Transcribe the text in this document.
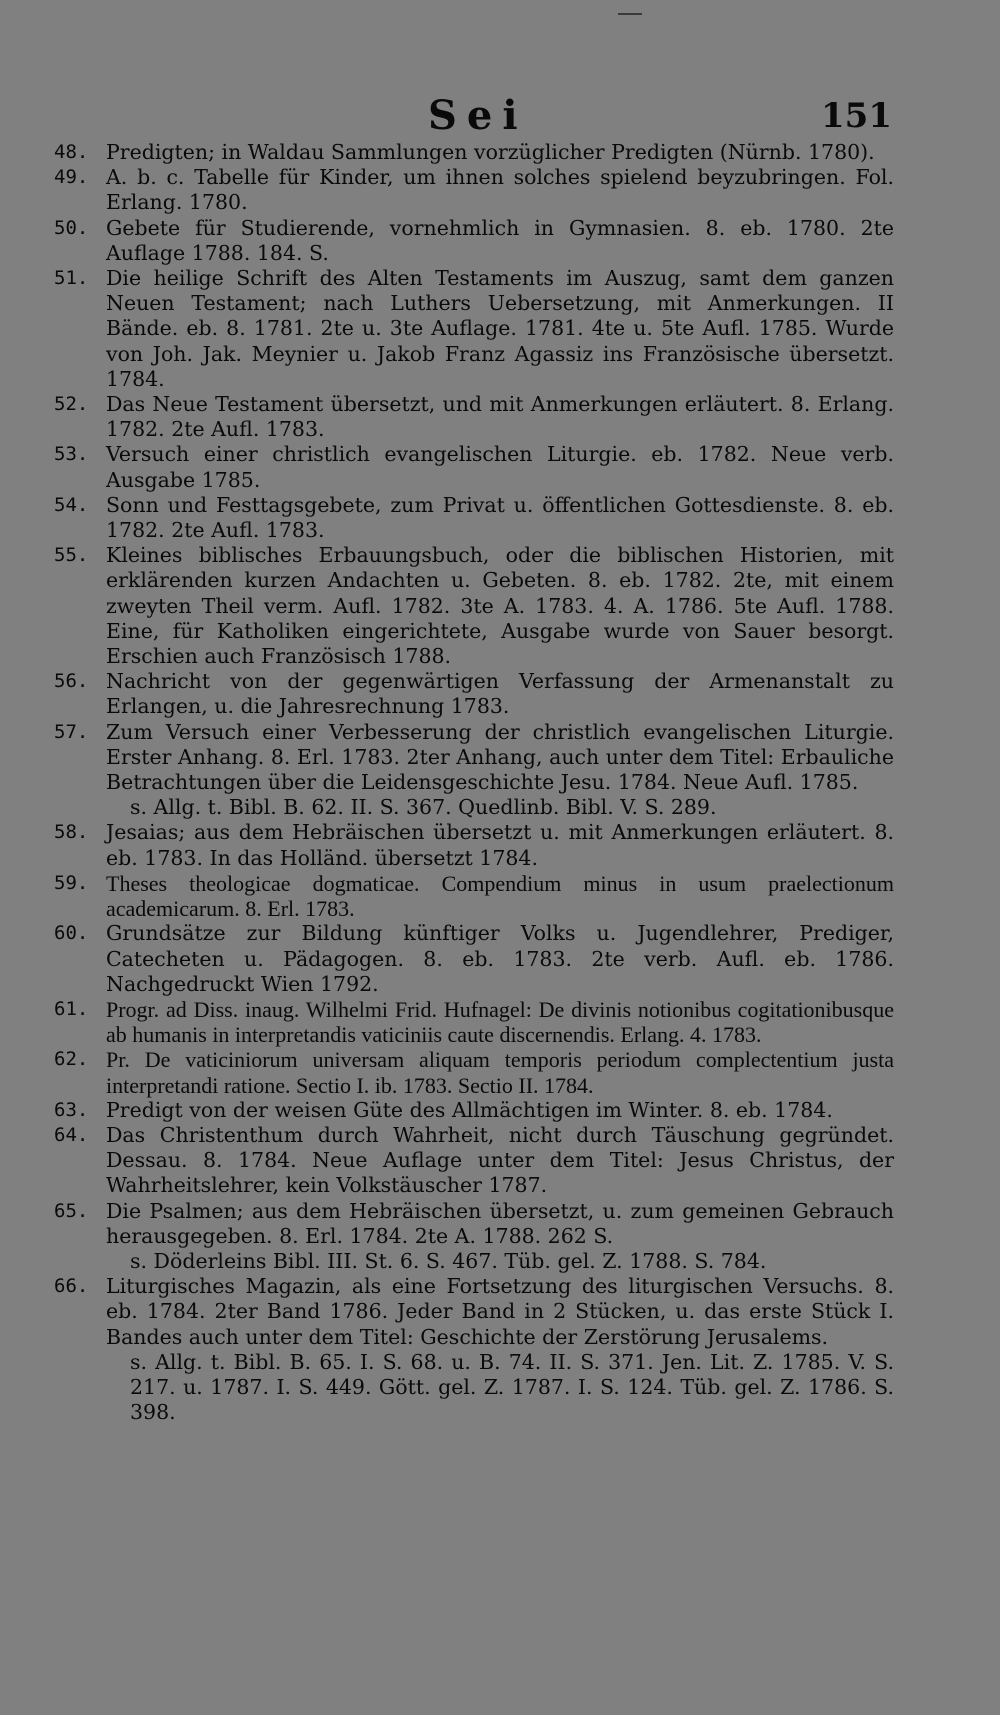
Sei	151
48. Predigten; in Waldau Sammlungen vorzüglicher Predigten (Nürnb. 1780).
49. A. b. c. Tabelle für Kinder, um ihnen solches spielend beyzubringen. Fol. Erlang. 1780.
50. Gebete für Studierende, vornehmlich in Gymnasien. 8. eb. 1780. 2te Auflage 1788. 184. S.
51. Die heilige Schrift des Alten Testaments im Auszug, samt dem ganzen Neuen Testament; nach Luthers Uebersetzung, mit Anmerkungen. II Bände. eb. 8. 1781. 2te u. 3te Auflage. 1781. 4te u. 5te Aufl. 1785. Wurde von Joh. Jak. Meynier u. Jakob Franz Agassiz ins Französische übersetzt. 1784.
52. Das Neue Testament übersetzt, und mit Anmerkungen erläutert. 8. Erlang. 1782. 2te Aufl. 1783.
53. Versuch einer christlich evangelischen Liturgie. eb. 1782. Neue verb. Ausgabe 1785.
54. Sonn und Festtagsgebete, zum Privat u. öffentlichen Gottesdienste. 8. eb. 1782. 2te Aufl. 1783.
55. Kleines biblisches Erbauungsbuch, oder die biblischen Historien, mit erklärenden kurzen Andachten u. Gebeten. 8. eb. 1782. 2te, mit einem zweyten Theil verm. Aufl. 1782. 3te A. 1783. 4. A. 1786. 5te Aufl. 1788. Eine, für Katholiken eingerichtete, Ausgabe wurde von Sauer besorgt. Erschien auch Französisch 1788.
56. Nachricht von der gegenwärtigen Verfassung der Armenanstalt zu Erlangen, u. die Jahresrechnung 1783.
57. Zum Versuch einer Verbesserung der christlich evangelischen Liturgie. Erster Anhang. 8. Erl. 1783. 2ter Anhang, auch unter dem Titel: Erbauliche Betrachtungen über die Leidensgeschichte Jesu. 1784. Neue Aufl. 1785.
s. Allg. t. Bibl. B. 62. II. S. 367. Quedlinb. Bibl. V. S. 289.
58. Jesaias; aus dem Hebräischen übersetzt u. mit Anmerkungen erläutert. 8. eb. 1783. In das Holländ. übersetzt 1784.
59. Theses theologicae dogmaticae. Compendium minus in usum praelectionum academicarum. 8. Erl. 1783.
60. Grundsätze zur Bildung künftiger Volks u. Jugendlehrer, Prediger, Catecheten u. Pädagogen. 8. eb. 1783. 2te verb. Aufl. eb. 1786. Nachgedruckt Wien 1792.
61. Progr. ad Diss. inaug. Wilhelmi Frid. Hufnagel: De divinis notionibus cogitationibusque ab humanis in interpretandis vaticiniis caute discernendis. Erlang. 4. 1783.
62. Pr. De vaticiniorum universam aliquam temporis periodum complectentium justa interpretandi ratione. Sectio I. ib. 1783. Sectio II. 1784.
63. Predigt von der weisen Güte des Allmächtigen im Winter. 8. eb. 1784.
64. Das Christenthum durch Wahrheit, nicht durch Täuschung gegründet. Dessau. 8. 1784. Neue Auflage unter dem Titel: Jesus Christus, der Wahrheitslehrer, kein Volkstäuscher 1787.
65. Die Psalmen; aus dem Hebräischen übersetzt, u. zum gemeinen Gebrauch herausgegeben. 8. Erl. 1784. 2te A. 1788. 262 S.
s. Döderleins Bibl. III. St. 6. S. 467. Tüb. gel. Z. 1788. S. 784.
66. Liturgisches Magazin, als eine Fortsetzung des liturgischen Versuchs. 8. eb. 1784. 2ter Band 1786. Jeder Band in 2 Stücken, u. das erste Stück I. Bandes auch unter dem Titel: Geschichte der Zerstörung Jerusalems.
s. Allg. t. Bibl. B. 65. I. S. 68. u. B. 74. II. S. 371. Jen. Lit. Z. 1785. V. S. 217. u. 1787. I. S. 449. Gött. gel. Z. 1787. I. S. 124. Tüb. gel. Z. 1786. S. 398.
